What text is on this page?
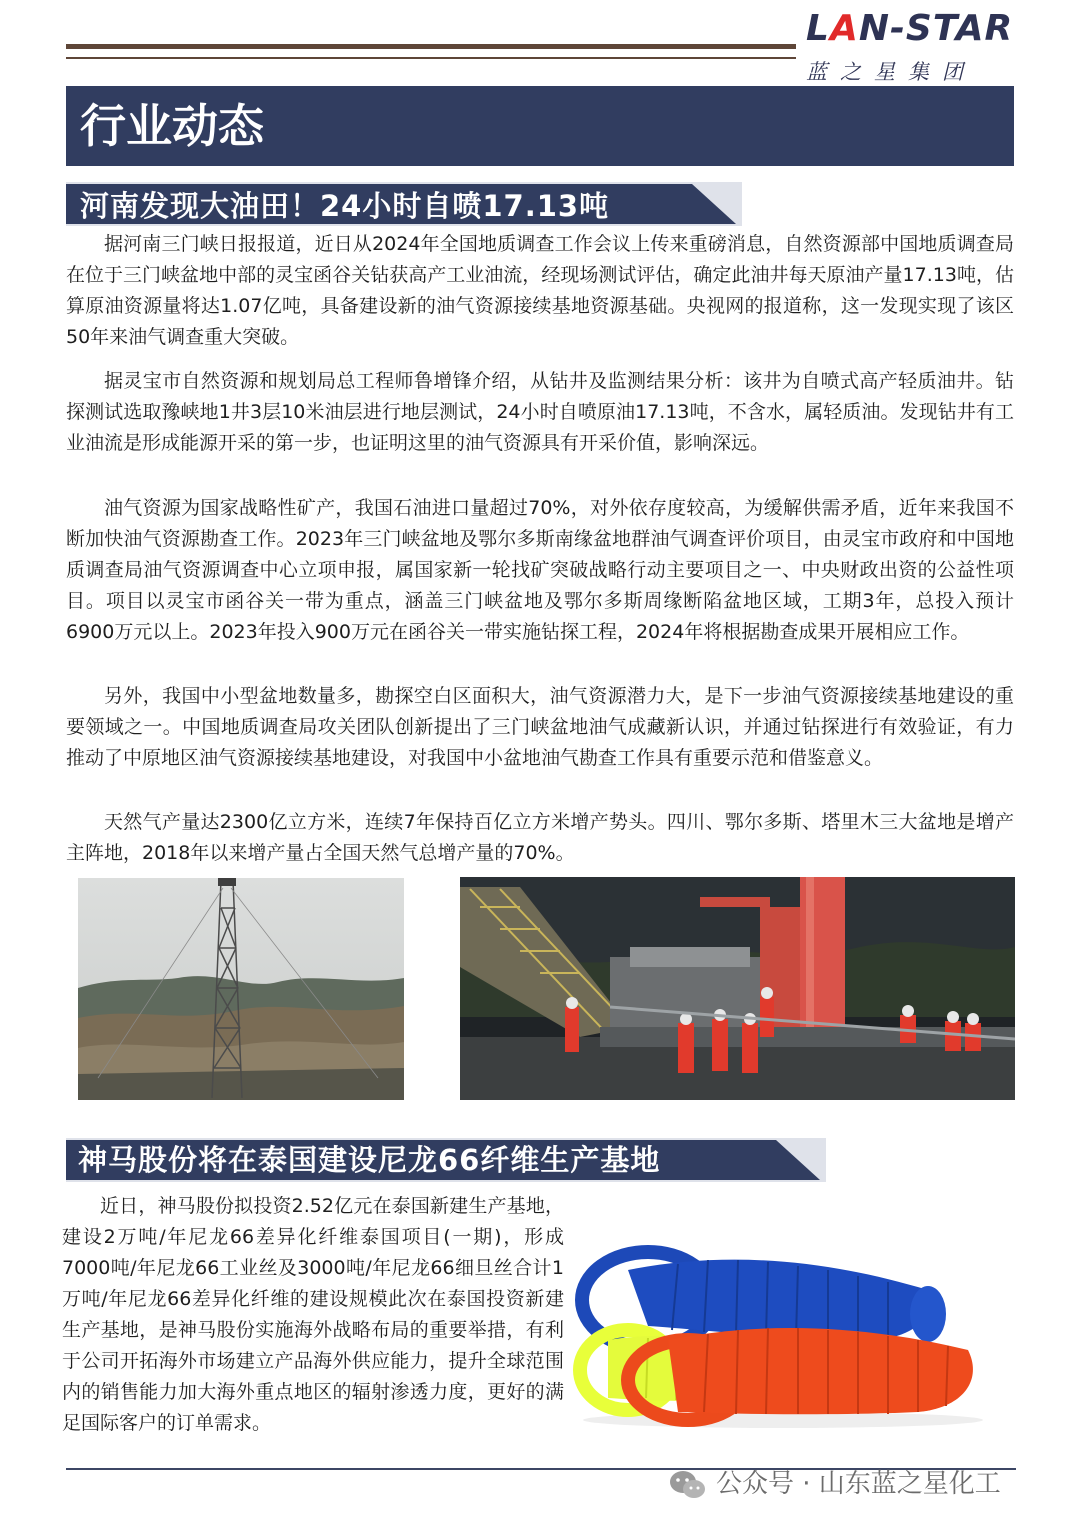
LAN-STAR
蓝之星集团
行业动态
河南发现大油田！24小时自喷17.13吨
据河南三门峡日报报道，近日从2024年全国地质调查工作会议上传来重磅消息，自然资源部中国地质调查局在位于三门峡盆地中部的灵宝函谷关钻获高产工业油流，经现场测试评估，确定此油井每天原油产量17.13吨，估算原油资源量将达1.07亿吨，具备建设新的油气资源接续基地资源基础。央视网的报道称，这一发现实现了该区50年来油气调查重大突破。
据灵宝市自然资源和规划局总工程师鲁增锋介绍，从钻井及监测结果分析：该井为自喷式高产轻质油井。钻探测试选取豫峡地1井3层10米油层进行地层测试，24小时自喷原油17.13吨，不含水，属轻质油。发现钻井有工业油流是形成能源开采的第一步，也证明这里的油气资源具有开采价值，影响深远。
油气资源为国家战略性矿产，我国石油进口量超过70%，对外依存度较高，为缓解供需矛盾，近年来我国不断加快油气资源勘查工作。2023年三门峡盆地及鄂尔多斯南缘盆地群油气调查评价项目，由灵宝市政府和中国地质调查局油气资源调查中心立项申报，属国家新一轮找矿突破战略行动主要项目之一、中央财政出资的公益性项目。项目以灵宝市函谷关一带为重点，涵盖三门峡盆地及鄂尔多斯周缘断陷盆地区域，工期3年，总投入预计6900万元以上。2023年投入900万元在函谷关一带实施钻探工程，2024年将根据勘查成果开展相应工作。
另外，我国中小型盆地数量多，勘探空白区面积大，油气资源潜力大，是下一步油气资源接续基地建设的重要领域之一。中国地质调查局攻关团队创新提出了三门峡盆地油气成藏新认识，并通过钻探进行有效验证，有力推动了中原地区油气资源接续基地建设，对我国中小盆地油气勘查工作具有重要示范和借鉴意义。
天然气产量达2300亿立方米，连续7年保持百亿立方米增产势头。四川、鄂尔多斯、塔里木三大盆地是增产主阵地，2018年以来增产量占全国天然气总增产量的70%。
神马股份将在泰国建设尼龙66纤维生产基地
近日，神马股份拟投资2.52亿元在泰国新建生产基地，建设2万吨/年尼龙66差异化纤维泰国项目(一期)，形成7000吨/年尼龙66工业丝及3000吨/年尼龙66细旦丝合计1万吨/年尼龙66差异化纤维的建设规模此次在泰国投资新建生产基地，是神马股份实施海外战略布局的重要举措，有利于公司开拓海外市场建立产品海外供应能力，提升全球范围内的销售能力加大海外重点地区的辐射渗透力度，更好的满足国际客户的订单需求。
公众号 · 山东蓝之星化工
